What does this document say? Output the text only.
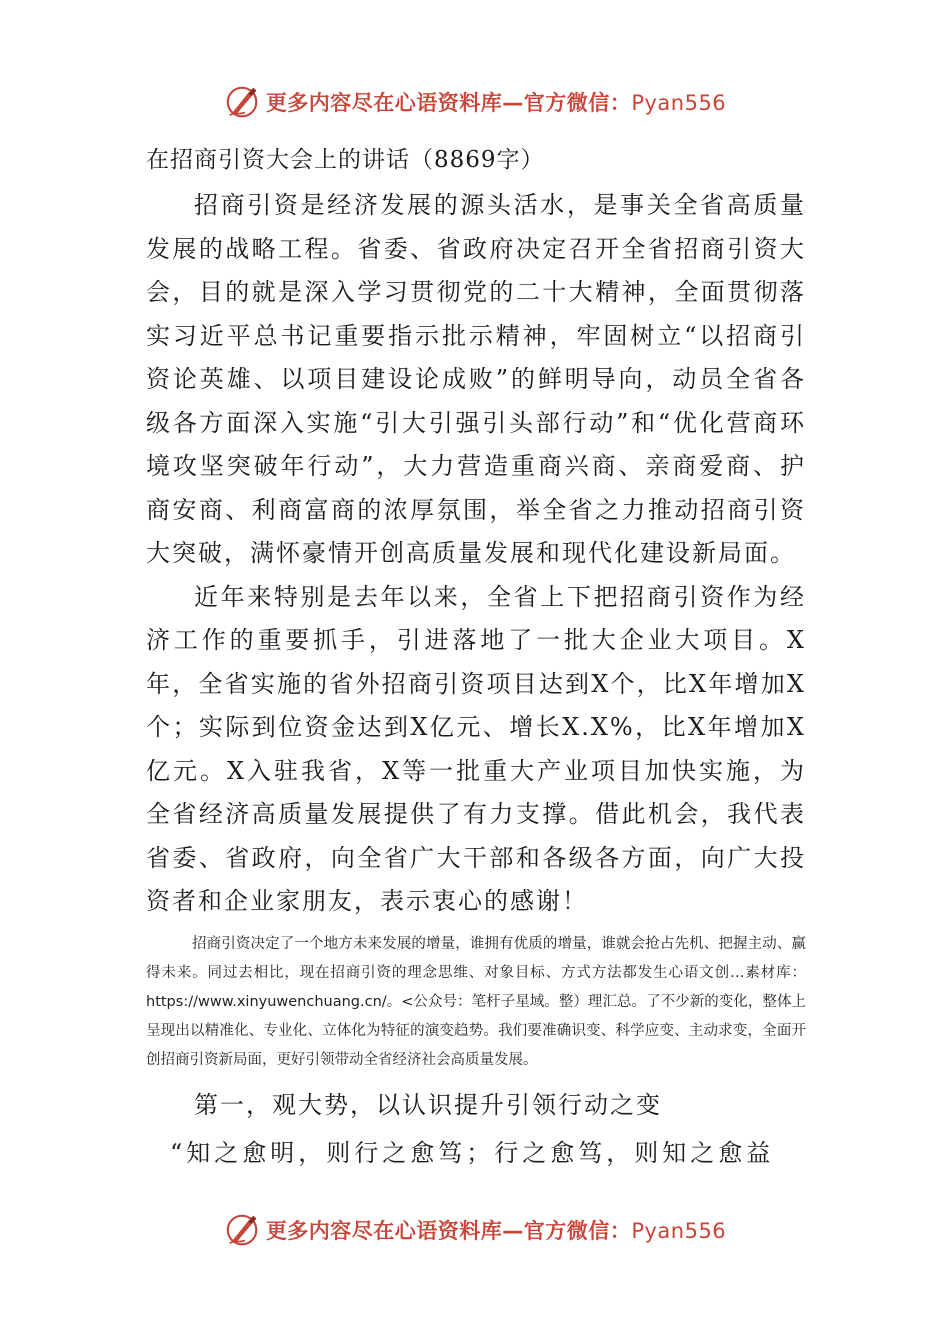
更多内容尽在心语资料库—官方微信：Pyan556

在招商引资大会上的讲话（8869字）

招商引资是经济发展的源头活水，是事关全省高质量发展的战略工程。省委、省政府决定召开全省招商引资大会，目的就是深入学习贯彻党的二十大精神，全面贯彻落实习近平总书记重要指示批示精神，牢固树立“以招商引资论英雄、以项目建设论成败”的鲜明导向，动员全省各级各方面深入实施“引大引强引头部行动”和“优化营商环境攻坚突破年行动”，大力营造重商兴商、亲商爱商、护商安商、利商富商的浓厚氛围，举全省之力推动招商引资大突破，满怀豪情开创高质量发展和现代化建设新局面。

近年来特别是去年以来，全省上下把招商引资作为经济工作的重要抓手，引进落地了一批大企业大项目。X年，全省实施的省外招商引资项目达到X个，比X年增加X个；实际到位资金达到X亿元、增长X.X%，比X年增加X亿元。X入驻我省，X等一批重大产业项目加快实施，为全省经济高质量发展提供了有力支撑。借此机会，我代表省委、省政府，向全省广大干部和各级各方面，向广大投资者和企业家朋友，表示衷心的感谢！

招商引资决定了一个地方未来发展的增量，谁拥有优质的增量，谁就会抢占先机、把握主动、赢得未来。同过去相比，现在招商引资的理念思维、对象目标、方式方法都发生心语文创…素材库：https://www.xinyuwenchuang.cn/。<公众号：笔杆子星域。整）理汇总。了不少新的变化，整体上呈现出以精准化、专业化、立体化为特征的演变趋势。我们要准确识变、科学应变、主动求变，全面开创招商引资新局面，更好引领带动全省经济社会高质量发展。

第一，观大势，以认识提升引领行动之变

“知之愈明，则行之愈笃；行之愈笃，则知之愈益

更多内容尽在心语资料库—官方微信：Pyan556
